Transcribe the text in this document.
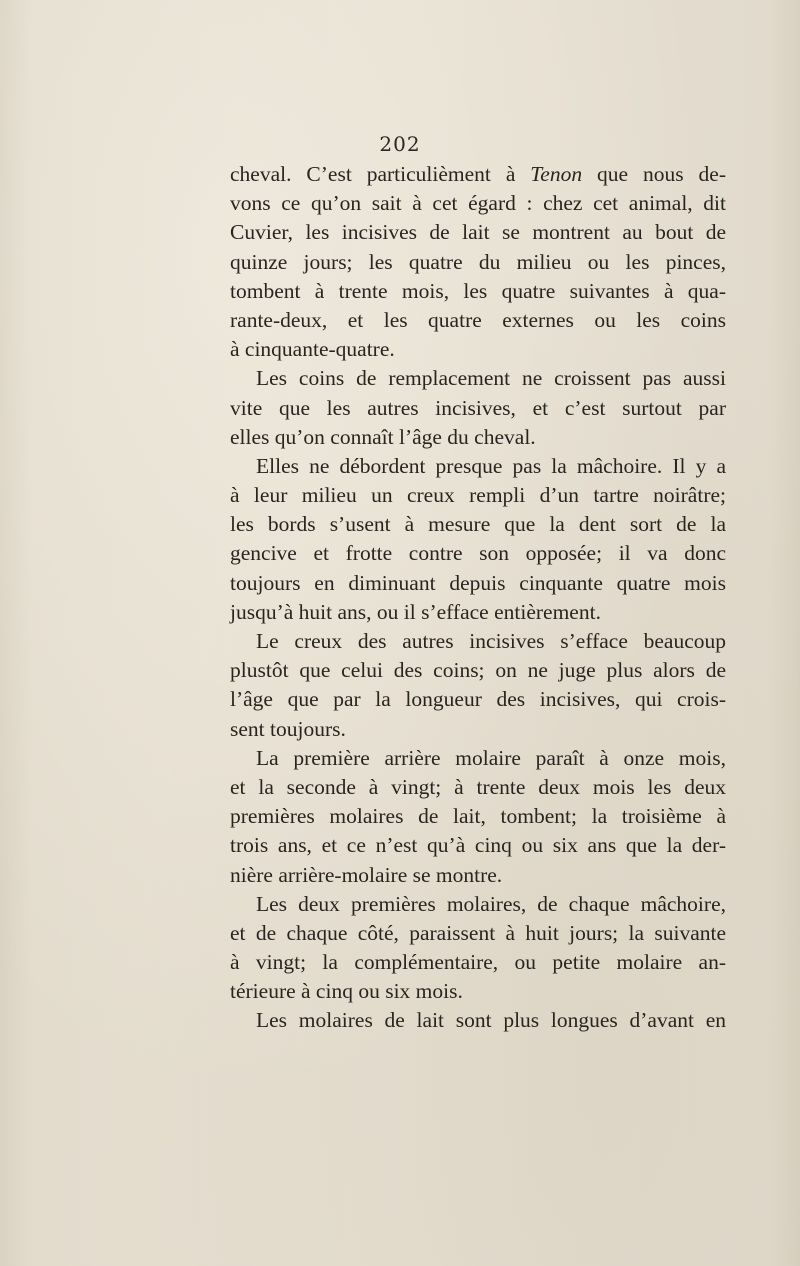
202
cheval. C’est particulièment à Tenon que nous de-
vons ce qu’on sait à cet égard : chez cet animal, dit
Cuvier, les incisives de lait se montrent au bout de
quinze jours; les quatre du milieu ou les pinces,
tombent à trente mois, les quatre suivantes à qua-
rante-deux, et les quatre externes ou les coins
à cinquante-quatre.
Les coins de remplacement ne croissent pas aussi
vite que les autres incisives, et c’est surtout par
elles qu’on connaît l’âge du cheval.
Elles ne débordent presque pas la mâchoire. Il y a
à leur milieu un creux rempli d’un tartre noirâtre;
les bords s’usent à mesure que la dent sort de la
gencive et frotte contre son opposée; il va donc
toujours en diminuant depuis cinquante quatre mois
jusqu’à huit ans, ou il s’efface entièrement.
Le creux des autres incisives s’efface beaucoup
plustôt que celui des coins; on ne juge plus alors de
l’âge que par la longueur des incisives, qui crois-
sent toujours.
La première arrière molaire paraît à onze mois,
et la seconde à vingt; à trente deux mois les deux
premières molaires de lait, tombent; la troisième à
trois ans, et ce n’est qu’à cinq ou six ans que la der-
nière arrière-molaire se montre.
Les deux premières molaires, de chaque mâchoire,
et de chaque côté, paraissent à huit jours; la suivante
à vingt; la complémentaire, ou petite molaire an-
térieure à cinq ou six mois.
Les molaires de lait sont plus longues d’avant en
